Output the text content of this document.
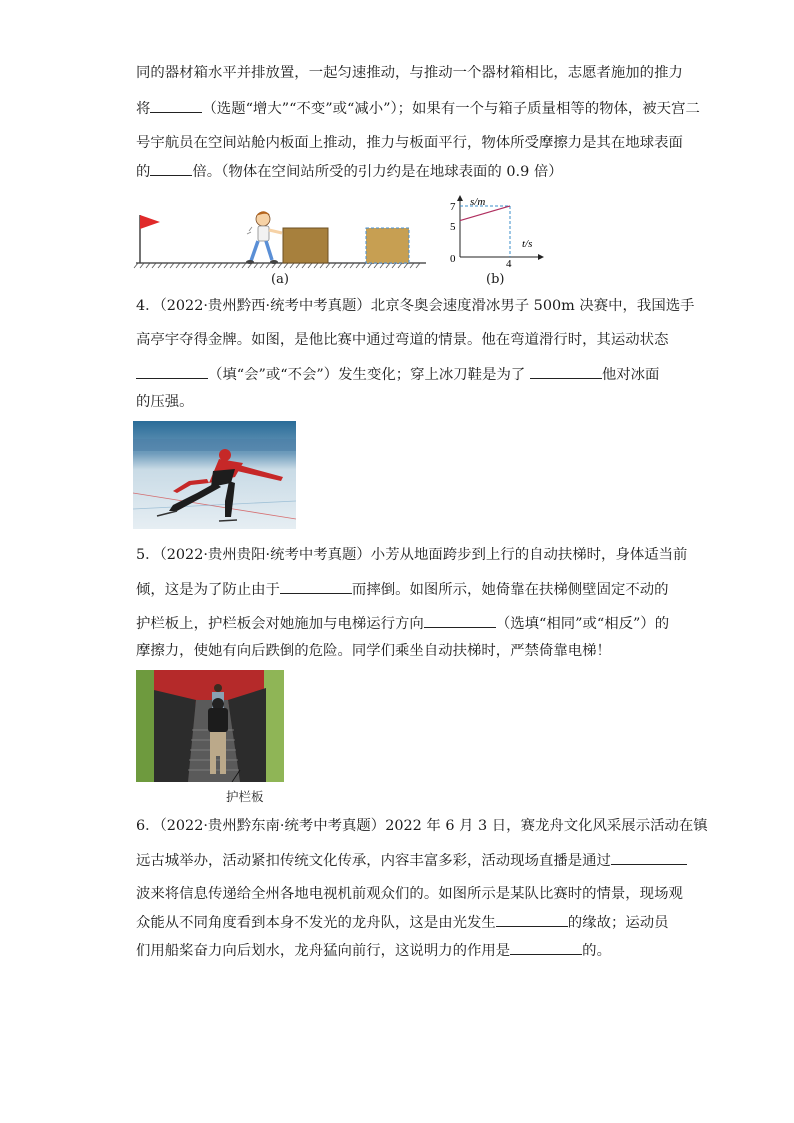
同的器材箱水平并排放置，一起匀速推动，与推动一个器材箱相比，志愿者施加的推力
将	（选题“增大”“不变”或“减小”）；如果有一个与箱子质量相等的物体，被天宫二
号宇航员在空间站舱内板面上推动，推力与板面平行，物体所受摩擦力是其在地球表面
的	倍。（物体在空间站所受的引力约是在地球表面的 0.9 倍）
(a)
s/m
t/s
7
5
0	4
(b)
4．（2022·贵州黔西·统考中考真题）北京冬奥会速度滑冰男子 500m 决赛中，我国选手
高亭宇夺得金牌。如图，是他比赛中通过弯道的情景。他在弯道滑行时，其运动状态
（填“会”或“不会”）发生变化；穿上冰刀鞋是为了	他对冰面
的压强。
5．（2022·贵州贵阳·统考中考真题）小芳从地面跨步到上行的自动扶梯时，身体适当前
倾，这是为了防止由于	而摔倒。如图所示，她倚靠在扶梯侧壁固定不动的
护栏板上，护栏板会对她施加与电梯运行方向	（选填“相同”或“相反”）的
摩擦力，使她有向后跌倒的危险。同学们乘坐自动扶梯时，严禁倚靠电梯！
护栏板
6．（2022·贵州黔东南·统考中考真题）2022 年 6 月 3 日，赛龙舟文化风采展示活动在镇
远古城举办，活动紧扣传统文化传承，内容丰富多彩，活动现场直播是通过
波来将信息传递给全州各地电视机前观众们的。如图所示是某队比赛时的情景，现场观
众能从不同角度看到本身不发光的龙舟队，这是由光发生	的缘故；运动员
们用船桨奋力向后划水，龙舟猛向前行，这说明力的作用是	的。
